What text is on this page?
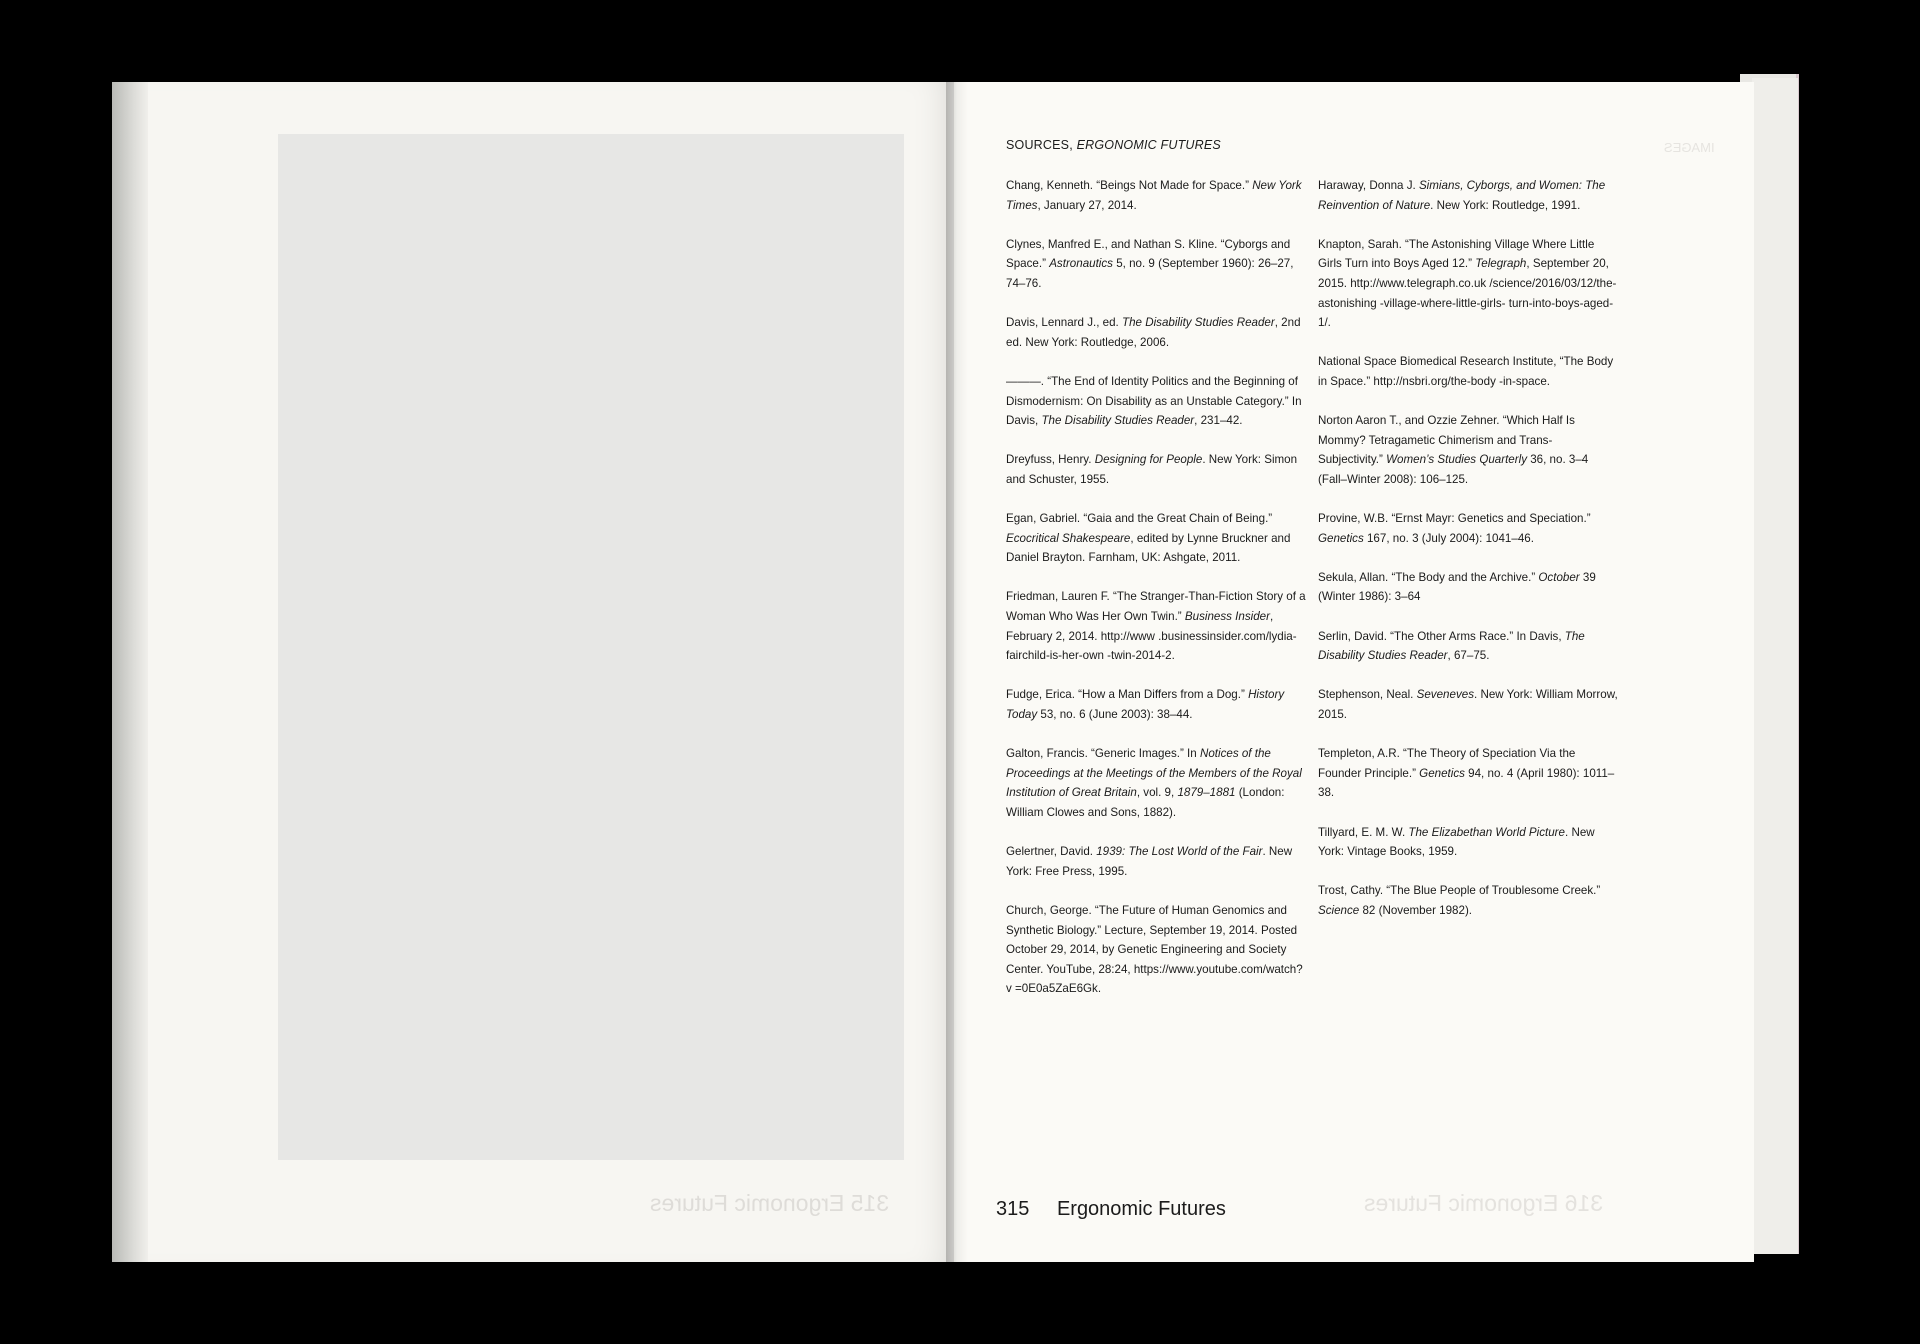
315 Ergonomic Futures
IMAGES
316 Ergonomic Futures
SOURCES, ERGONOMIC FUTURES

Chang, Kenneth. “Beings Not Made for Space.” New York Times, January 27, 2014.

Clynes, Manfred E., and Nathan S. Kline. “Cyborgs and Space.” Astronautics 5, no. 9 (September 1960): 26–27, 74–76.

Davis, Lennard J., ed. The Disability Studies Reader, 2nd ed. New York: Routledge, 2006.

———. “The End of Identity Politics and the Beginning of Dismodernism: On Disability as an Unstable Category.” In Davis, The Disability Studies Reader, 231–42.

Dreyfuss, Henry. Designing for People. New York: Simon and Schuster, 1955.

Egan, Gabriel. “Gaia and the Great Chain of Being.” Ecocritical Shakespeare, edited by Lynne Bruckner and Daniel Brayton. Farnham, UK: Ashgate, 2011.

Friedman, Lauren F. “The Stranger-Than-Fiction Story of a Woman Who Was Her Own Twin.” Business Insider, February 2, 2014. http://www .businessinsider.com/lydia-fairchild-is-her-own -twin-2014-2.

Fudge, Erica. “How a Man Differs from a Dog.” History Today 53, no. 6 (June 2003): 38–44.

Galton, Francis. “Generic Images.” In Notices of the Proceedings at the Meetings of the Members of the Royal Institution of Great Britain, vol. 9, 1879–1881 (London: William Clowes and Sons, 1882).

Gelertner, David. 1939: The Lost World of the Fair. New York: Free Press, 1995.

Church, George. “The Future of Human Genomics and Synthetic Biology.” Lecture, September 19, 2014. Posted October 29, 2014, by Genetic Engineering and Society Center. YouTube, 28:24, https://www.youtube.com/watch?v =0E0a5ZaE6Gk.

Haraway, Donna J. Simians, Cyborgs, and Women: The Reinvention of Nature. New York: Routledge, 1991.

Knapton, Sarah. “The Astonishing Village Where Little Girls Turn into Boys Aged 12.” Telegraph, September 20, 2015. http://www.telegraph.co.uk /science/2016/03/12/the-astonishing -village-where-little-girls- turn-into-boys-aged-1/.

National Space Biomedical Research Institute, “The Body in Space.” http://nsbri.org/the-body -in-space.

Norton Aaron T., and Ozzie Zehner. “Which Half Is Mommy? Tetragametic Chimerism and Trans- Subjectivity.” Women’s Studies Quarterly 36, no. 3–4 (Fall–Winter 2008): 106–125.

Provine, W.B. “Ernst Mayr: Genetics and Speciation.” Genetics 167, no. 3 (July 2004): 1041–46.

Sekula, Allan. “The Body and the Archive.” October 39 (Winter 1986): 3–64

Serlin, David. “The Other Arms Race.” In Davis, The Disability Studies Reader, 67–75.

Stephenson, Neal. Seveneves. New York: William Morrow, 2015.

Templeton, A.R. “The Theory of Speciation Via the Founder Principle.” Genetics 94, no. 4 (April 1980): 1011–38.

Tillyard, E. M. W. The Elizabethan World Picture. New York: Vintage Books, 1959.

Trost, Cathy. “The Blue People of Troublesome Creek.” Science 82 (November 1982).

315 Ergonomic Futures
